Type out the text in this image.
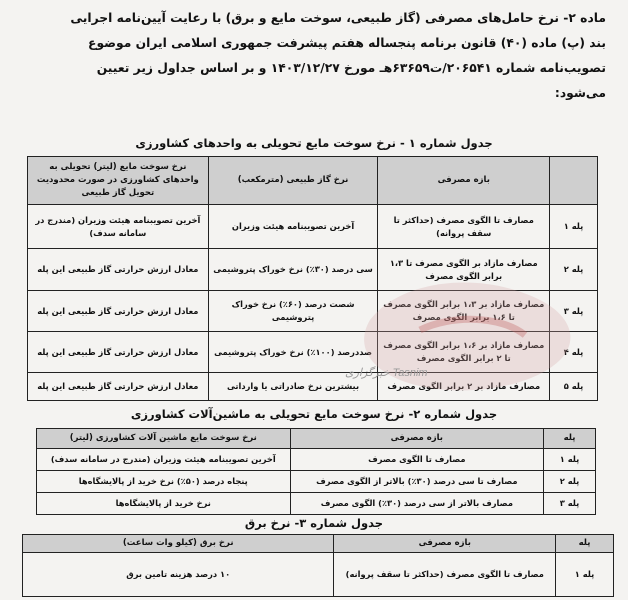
ماده ۲- نرخ حامل‌های مصرفی (گاز طبیعی، سوخت مایع و برق) با رعایت آیین‌نامه اجرایی

بند (پ) ماده (۴۰) قانون برنامه پنجساله هفتم پیشرفت جمهوری اسلامی ایران موضوع

تصویب‌نامه شماره ۲۰۶۵۴۱/ت۶۳۶۵۹هـ مورخ ۱۴۰۳/۱۲/۲۷ و بر اساس جداول زیر تعیین

می‌شود:

جدول شماره ۱ - نرخ سوخت مایع تحویلی به واحدهای کشاورزی
	بازه مصرفی	نرخ گاز طبیعی (مترمکعب)	نرخ سوخت مایع (لیتر) تحویلی به واحدهای کشاورزی در صورت محدودیت تحویل گاز طبیعی
پله ۱	مصارف تا الگوی مصرف (حداکثر تا سقف پروانه)	آخرین تصویبنامه هیئت وزیران	آخرین تصویبنامه هیئت وزیران (مندرج در سامانه سدف)
پله ۲	مصارف مازاد بر الگوی مصرف تا ۱،۳ برابر الگوی مصرف	سی درصد (۳۰٪) نرخ خوراک پتروشیمی	معادل ارزش حرارتی گاز طبیعی این پله
پله ۳	مصارف مازاد بر ۱،۳ برابر الگوی مصرف تا ۱،۶ برابر الگوی مصرف	شصت درصد (۶۰٪) نرخ خوراک پتروشیمی	معادل ارزش حرارتی گاز طبیعی این پله
پله ۴	مصارف مازاد بر ۱،۶ برابر الگوی مصرف تا ۲ برابر الگوی مصرف	صددرصد (۱۰۰٪) نرخ خوراک پتروشیمی	معادل ارزش حرارتی گاز طبیعی این پله
پله ۵	مصارف مازاد بر ۲ برابر الگوی مصرف	بیشترین نرخ صادراتی یا وارداتی	معادل ارزش حرارتی گاز طبیعی این پله
جدول شماره ۲- نرخ سوخت مایع تحویلی به ماشین‌آلات کشاورزی
پله	بازه مصرفی	نرخ سوخت مایع ماشین آلات کشاورزی (لیتر)
پله ۱	مصارف تا الگوی مصرف	آخرین تصویبنامه هیئت وزیران (مندرج در سامانه سدف)
پله ۲	مصارف تا سی درصد (۳۰٪) بالاتر از الگوی مصرف	پنجاه درصد (۵۰٪) نرخ خرید از پالایشگاه‌ها
پله ۳	مصارف بالاتر از سی درصد (۳۰٪) الگوی مصرف	نرخ خرید از پالایشگاه‌ها
جدول شماره ۳- نرخ برق
پله	بازه مصرفی	نرخ برق (کیلو وات ساعت)
پله ۱	مصارف تا الگوی مصرف (حداکثر تا سقف پروانه)	۱۰ درصد هزینه تامین برق
خبرگزاری Tasnim
